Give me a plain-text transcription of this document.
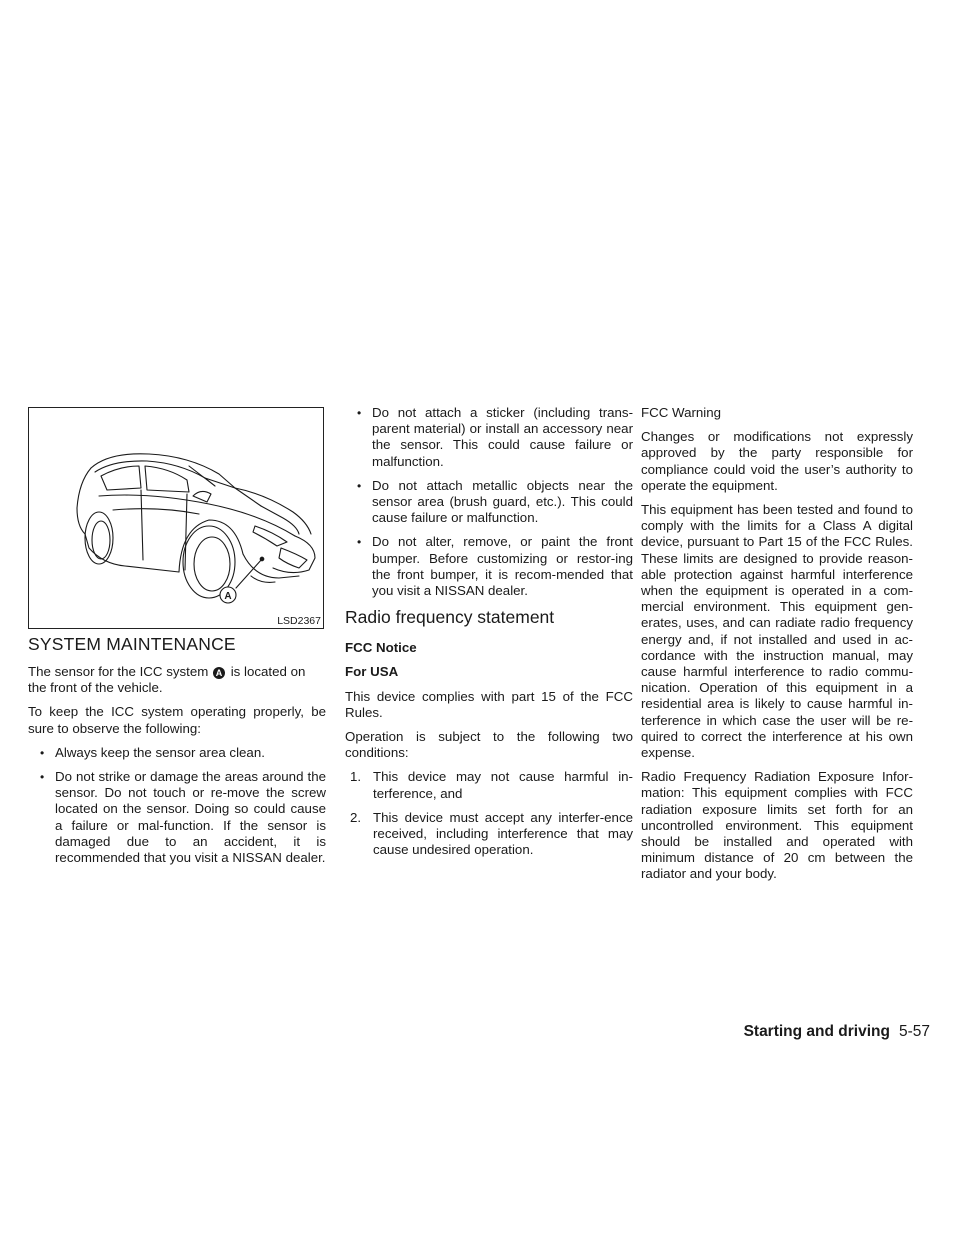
A
LSD2367
SYSTEM MAINTENANCE

The sensor for the ICC system A is located on the front of the vehicle.

To keep the ICC system operating properly, be sure to observe the following:

• Always keep the sensor area clean.
• Do not strike or damage the areas around the sensor. Do not touch or re-move the screw located on the sensor. Doing so could cause a failure or mal-function. If the sensor is damaged due to an accident, it is recommended that you visit a NISSAN dealer.
• Do not attach a sticker (including trans-parent material) or install an accessory near the sensor. This could cause failure or malfunction.
• Do not attach metallic objects near the sensor area (brush guard, etc.). This could cause failure or malfunction.
• Do not alter, remove, or paint the front bumper. Before customizing or restor-ing the front bumper, it is recom-mended that you visit a NISSAN dealer.
Radio frequency statement

FCC Notice

For USA

This device complies with part 15 of the FCC Rules.

Operation is subject to the following two conditions:

1. This device may not cause harmful in-terference, and
2. This device must accept any interfer-ence received, including interference that may cause undesired operation.

FCC Warning

Changes or modifications not expressly approved by the party responsible for compliance could void the user’s authority to operate the equipment.

This equipment has been tested and found to comply with the limits for a Class A digital device, pursuant to Part 15 of the FCC Rules. These limits are designed to provide reason-able protection against harmful interference when the equipment is operated in a com-mercial environment. This equipment gen-erates, uses, and can radiate radio frequency energy and, if not installed and used in ac-cordance with the instruction manual, may cause harmful interference to radio commu-nication. Operation of this equipment in a residential area is likely to cause harmful in-terference in which case the user will be re-quired to correct the interference at his own expense.

Radio Frequency Radiation Exposure Infor-mation: This equipment complies with FCC radiation exposure limits set forth for an uncontrolled environment. This equipment should be installed and operated with minimum distance of 20 cm between the radiator and your body.

Starting and driving 5-57
